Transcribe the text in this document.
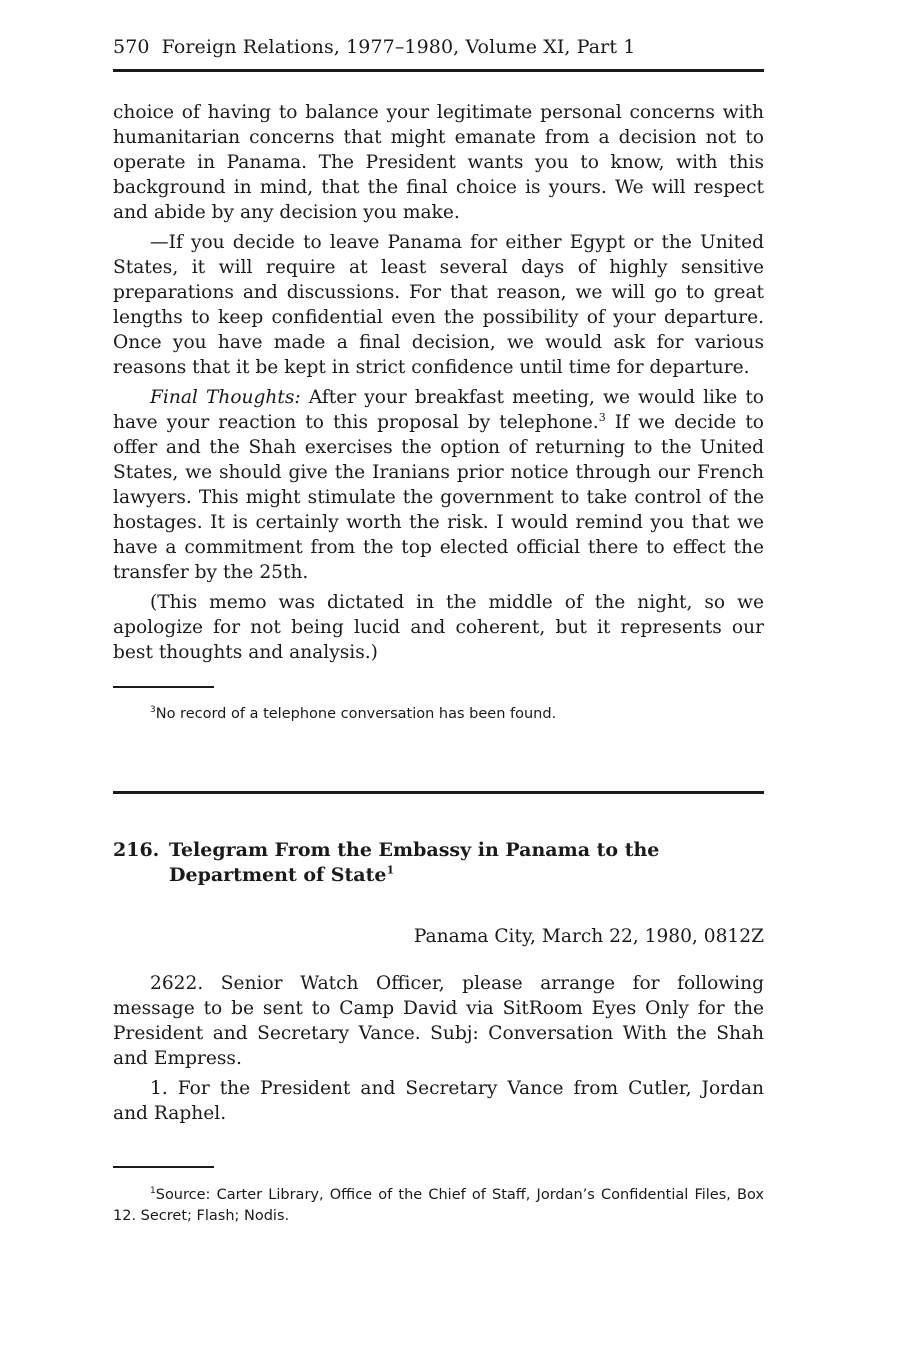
570 Foreign Relations, 1977–1980, Volume XI, Part 1

choice of having to balance your legitimate personal concerns with humanitarian concerns that might emanate from a decision not to operate in Panama. The President wants you to know, with this background in mind, that the final choice is yours. We will respect and abide by any decision you make.

—If you decide to leave Panama for either Egypt or the United States, it will require at least several days of highly sensitive preparations and discussions. For that reason, we will go to great lengths to keep confidential even the possibility of your departure. Once you have made a final decision, we would ask for various reasons that it be kept in strict confidence until time for departure.

Final Thoughts: After your breakfast meeting, we would like to have your reaction to this proposal by telephone.$^3$ If we decide to offer and the Shah exercises the option of returning to the United States, we should give the Iranians prior notice through our French lawyers. This might stimulate the government to take control of the hostages. It is certainly worth the risk. I would remind you that we have a commitment from the top elected official there to effect the transfer by the 25th.

(This memo was dictated in the middle of the night, so we apologize for not being lucid and coherent, but it represents our best thoughts and analysis.)

$^3$No record of a telephone conversation has been found.
216. Telegram From the Embassy in Panama to the Department of State$^1$
Panama City, March 22, 1980, 0812Z

2622. Senior Watch Officer, please arrange for following message to be sent to Camp David via SitRoom Eyes Only for the President and Secretary Vance. Subj: Conversation With the Shah and Empress.

1. For the President and Secretary Vance from Cutler, Jordan and Raphel.

$^1$Source: Carter Library, Office of the Chief of Staff, Jordan’s Confidential Files, Box 12. Secret; Flash; Nodis.
